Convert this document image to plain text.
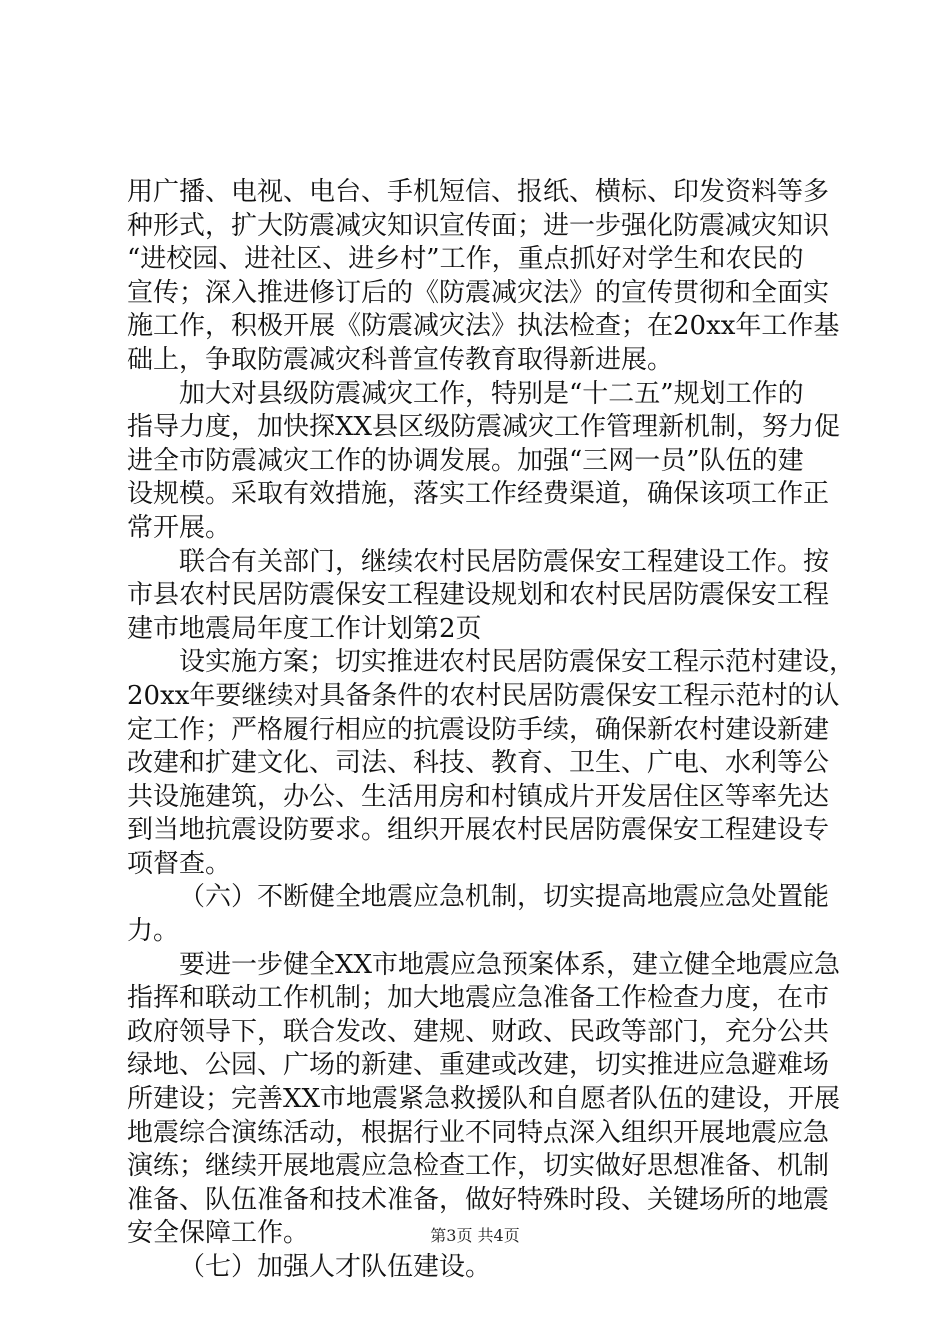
用广播、电视、电台、手机短信、报纸、横标、印发资料等多
种形式，扩大防震减灾知识宣传面；进一步强化防震减灾知识
“进校园、进社区、进乡村”工作，重点抓好对学生和农民的
宣传；深入推进修订后的《防震减灾法》的宣传贯彻和全面实
施工作，积极开展《防震减灾法》执法检查；在20xx年工作基
础上，争取防震减灾科普宣传教育取得新进展。
加大对县级防震减灾工作，特别是“十二五”规划工作的
指导力度，加快探XX县区级防震减灾工作管理新机制，努力促
进全市防震减灾工作的协调发展。加强“三网一员”队伍的建
设规模。采取有效措施，落实工作经费渠道，确保该项工作正
常开展。
联合有关部门，继续农村民居防震保安工程建设工作。按
市县农村民居防震保安工程建设规划和农村民居防震保安工程
建市地震局年度工作计划第2页
设实施方案；切实推进农村民居防震保安工程示范村建设，
20xx年要继续对具备条件的农村民居防震保安工程示范村的认
定工作；严格履行相应的抗震设防手续，确保新农村建设新建
改建和扩建文化、司法、科技、教育、卫生、广电、水利等公
共设施建筑，办公、生活用房和村镇成片开发居住区等率先达
到当地抗震设防要求。组织开展农村民居防震保安工程建设专
项督查。
（六）不断健全地震应急机制，切实提高地震应急处置能
力。
要进一步健全XX市地震应急预案体系，建立健全地震应急
指挥和联动工作机制；加大地震应急准备工作检查力度，在市
政府领导下，联合发改、建规、财政、民政等部门，充分公共
绿地、公园、广场的新建、重建或改建，切实推进应急避难场
所建设；完善XX市地震紧急救援队和自愿者队伍的建设，开展
地震综合演练活动，根据行业不同特点深入组织开展地震应急
演练；继续开展地震应急检查工作，切实做好思想准备、机制
准备、队伍准备和技术准备，做好特殊时段、关键场所的地震
安全保障工作。
（七）加强人才队伍建设。
第3页 共4页
